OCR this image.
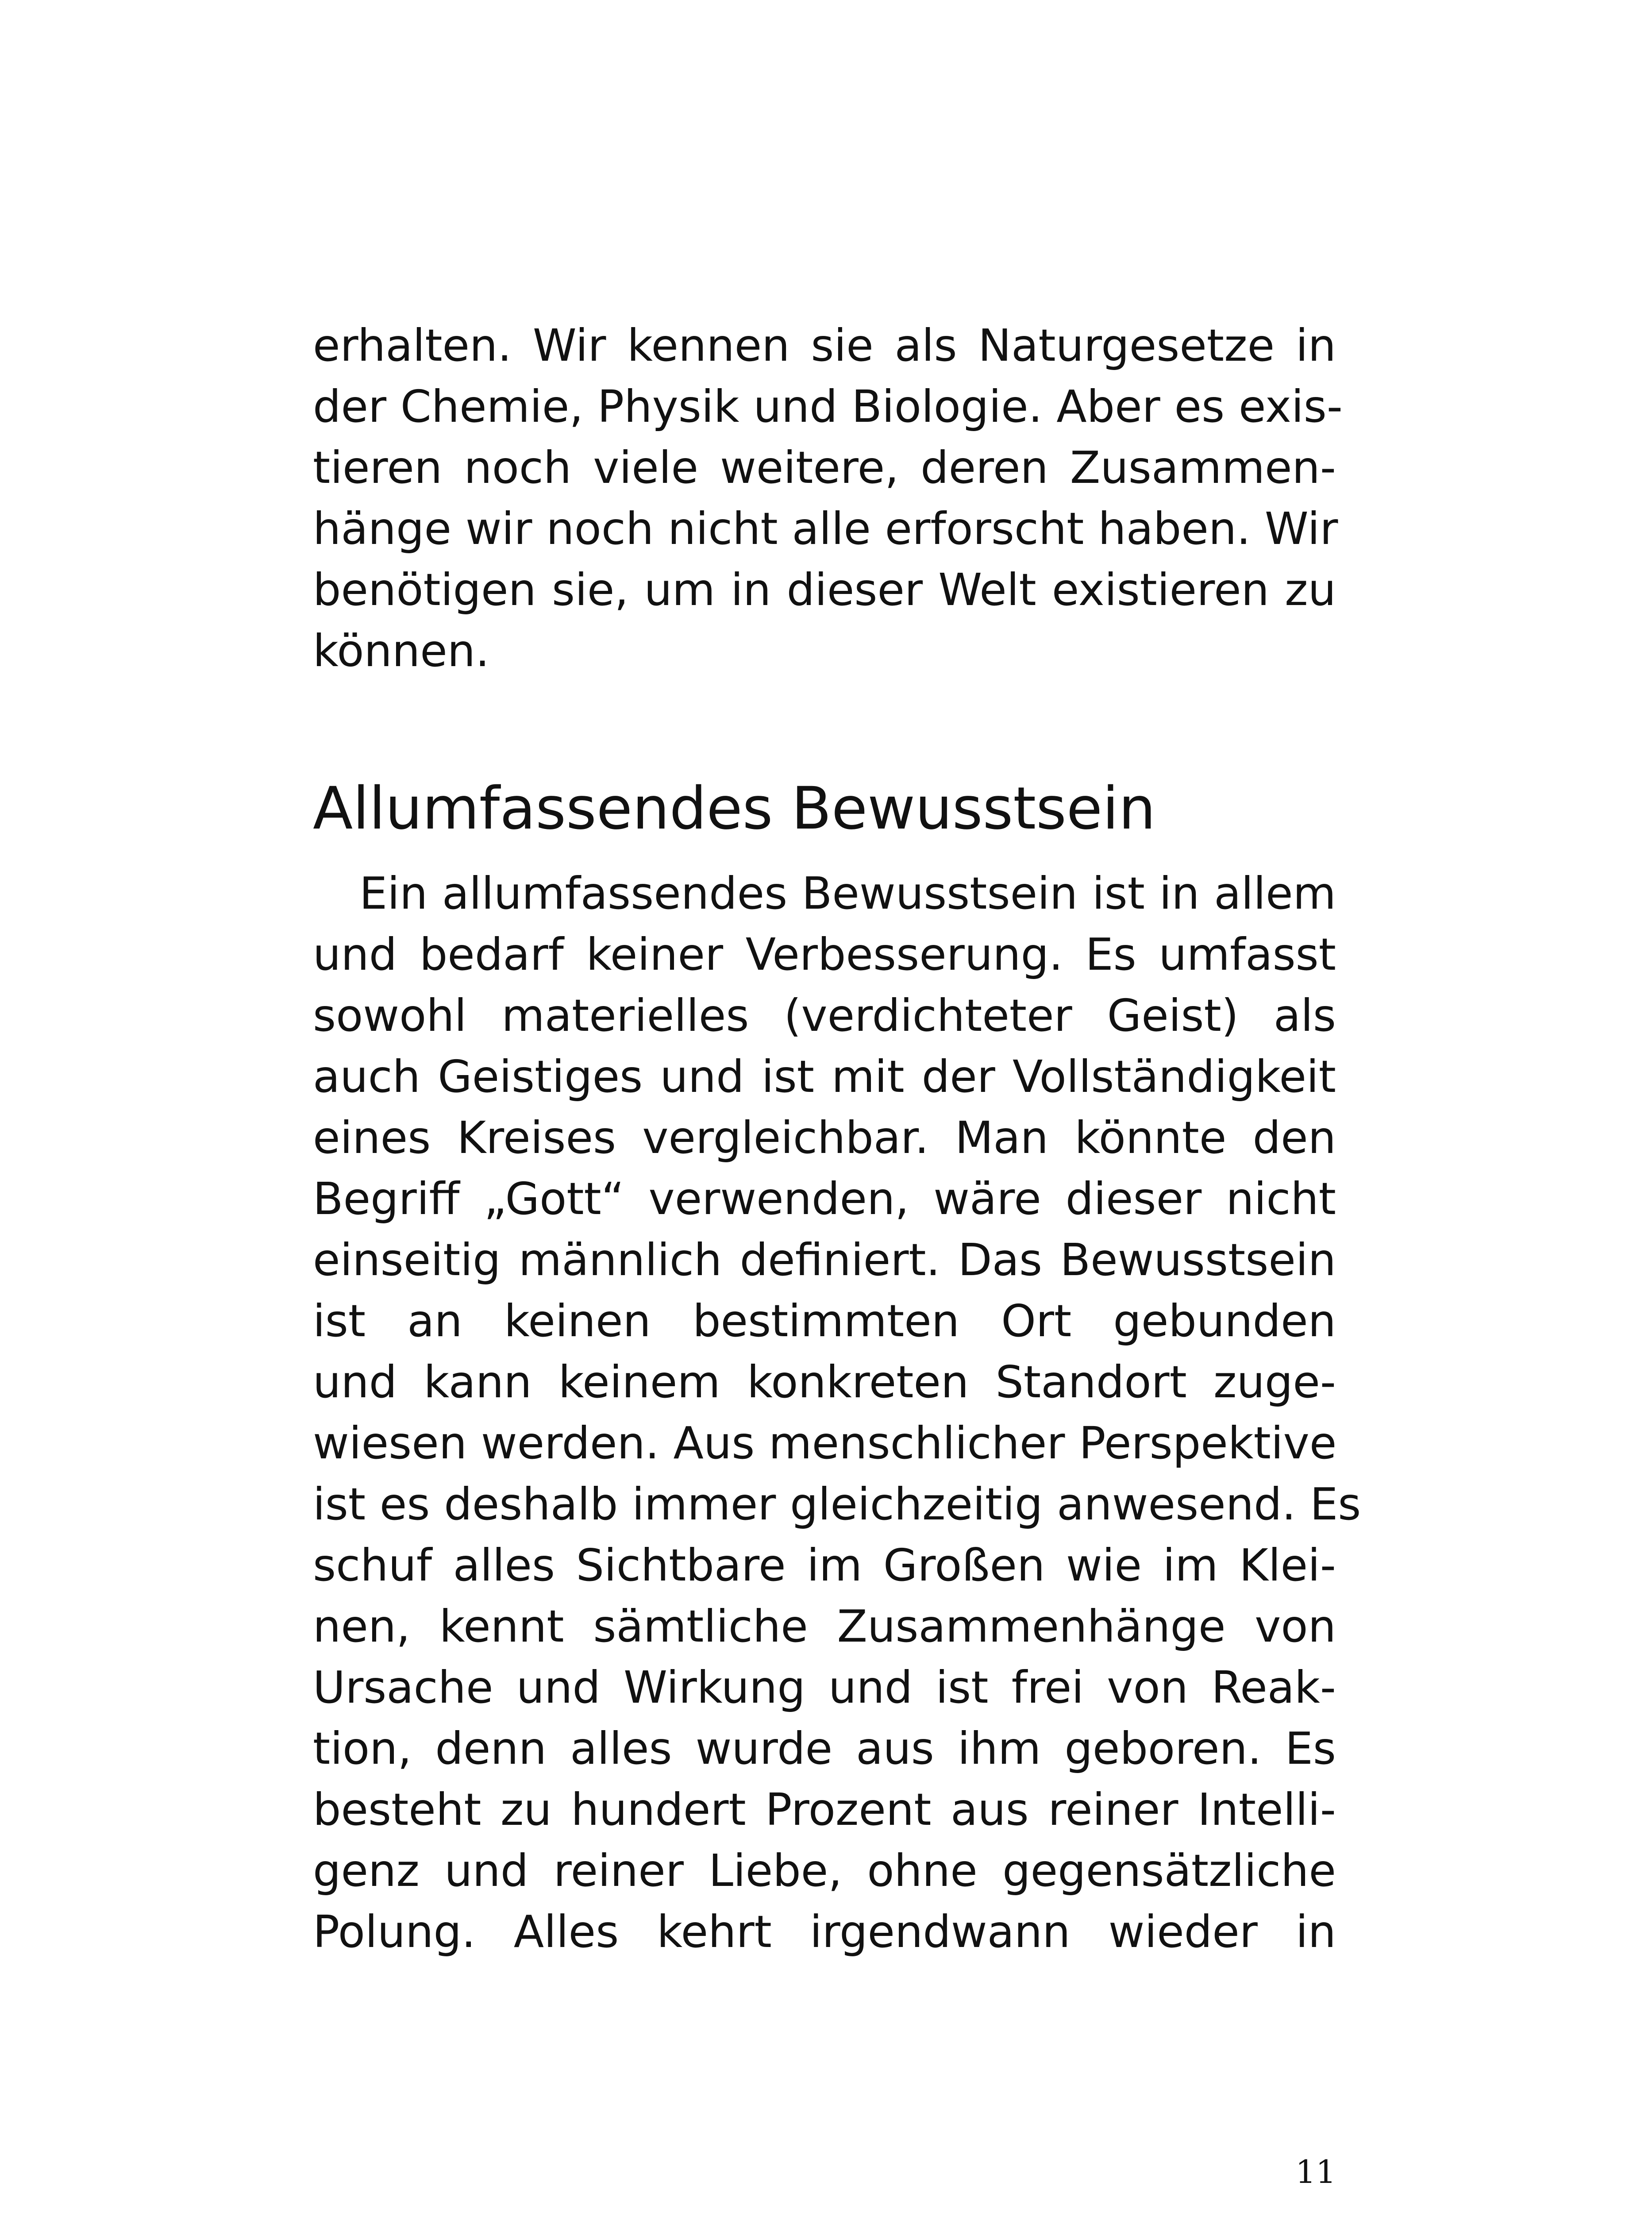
erhalten. Wir kennen sie als Naturgesetze in
der Chemie, Physik und Biologie. Aber es exis-
tieren noch viele weitere, deren Zusammen-
hänge wir noch nicht alle erforscht haben. Wir
benötigen sie, um in dieser Welt existieren zu
können.
Allumfassendes Bewusstsein
Ein allumfassendes Bewusstsein ist in allem
und bedarf keiner Verbesserung. Es umfasst
sowohl materielles (verdichteter Geist) als
auch Geistiges und ist mit der Vollständigkeit
eines Kreises vergleichbar. Man könnte den
Begriff „Gott“ verwenden, wäre dieser nicht
einseitig männlich definiert. Das Bewusstsein
ist an keinen bestimmten Ort gebunden
und kann keinem konkreten Standort zuge-
wiesen werden. Aus menschlicher Perspektive
ist es deshalb immer gleichzeitig anwesend. Es
schuf alles Sichtbare im Großen wie im Klei-
nen, kennt sämtliche Zusammenhänge von
Ursache und Wirkung und ist frei von Reak-
tion, denn alles wurde aus ihm geboren. Es
besteht zu hundert Prozent aus reiner Intelli-
genz und reiner Liebe, ohne gegensätzliche
Polung. Alles kehrt irgendwann wieder in
11
